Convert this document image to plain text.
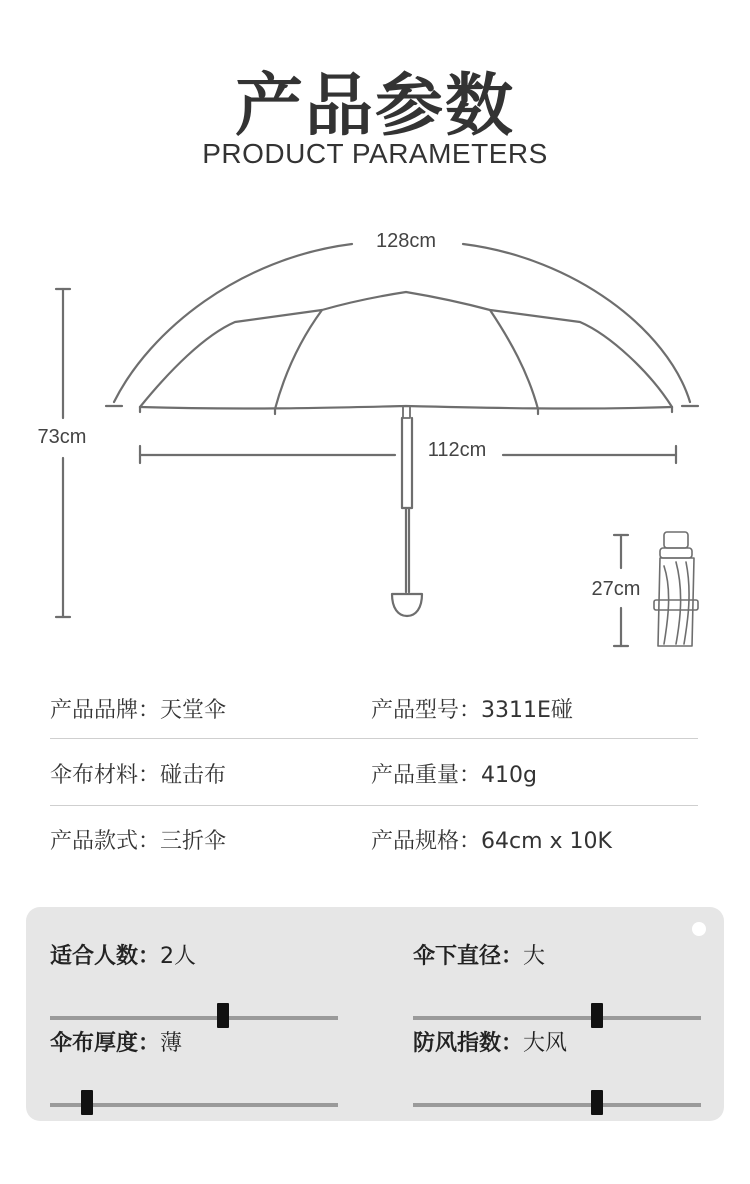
产品参数
PRODUCT PARAMETERS
128cm
112cm
73cm
27cm
产品品牌：天堂伞	产品型号：3311E碰
伞布材料：碰击布	产品重量：410g
产品款式：三折伞	产品规格：64cm x 10K
适合人数：2人	伞下直径：大
伞布厚度：薄	防风指数：大风
